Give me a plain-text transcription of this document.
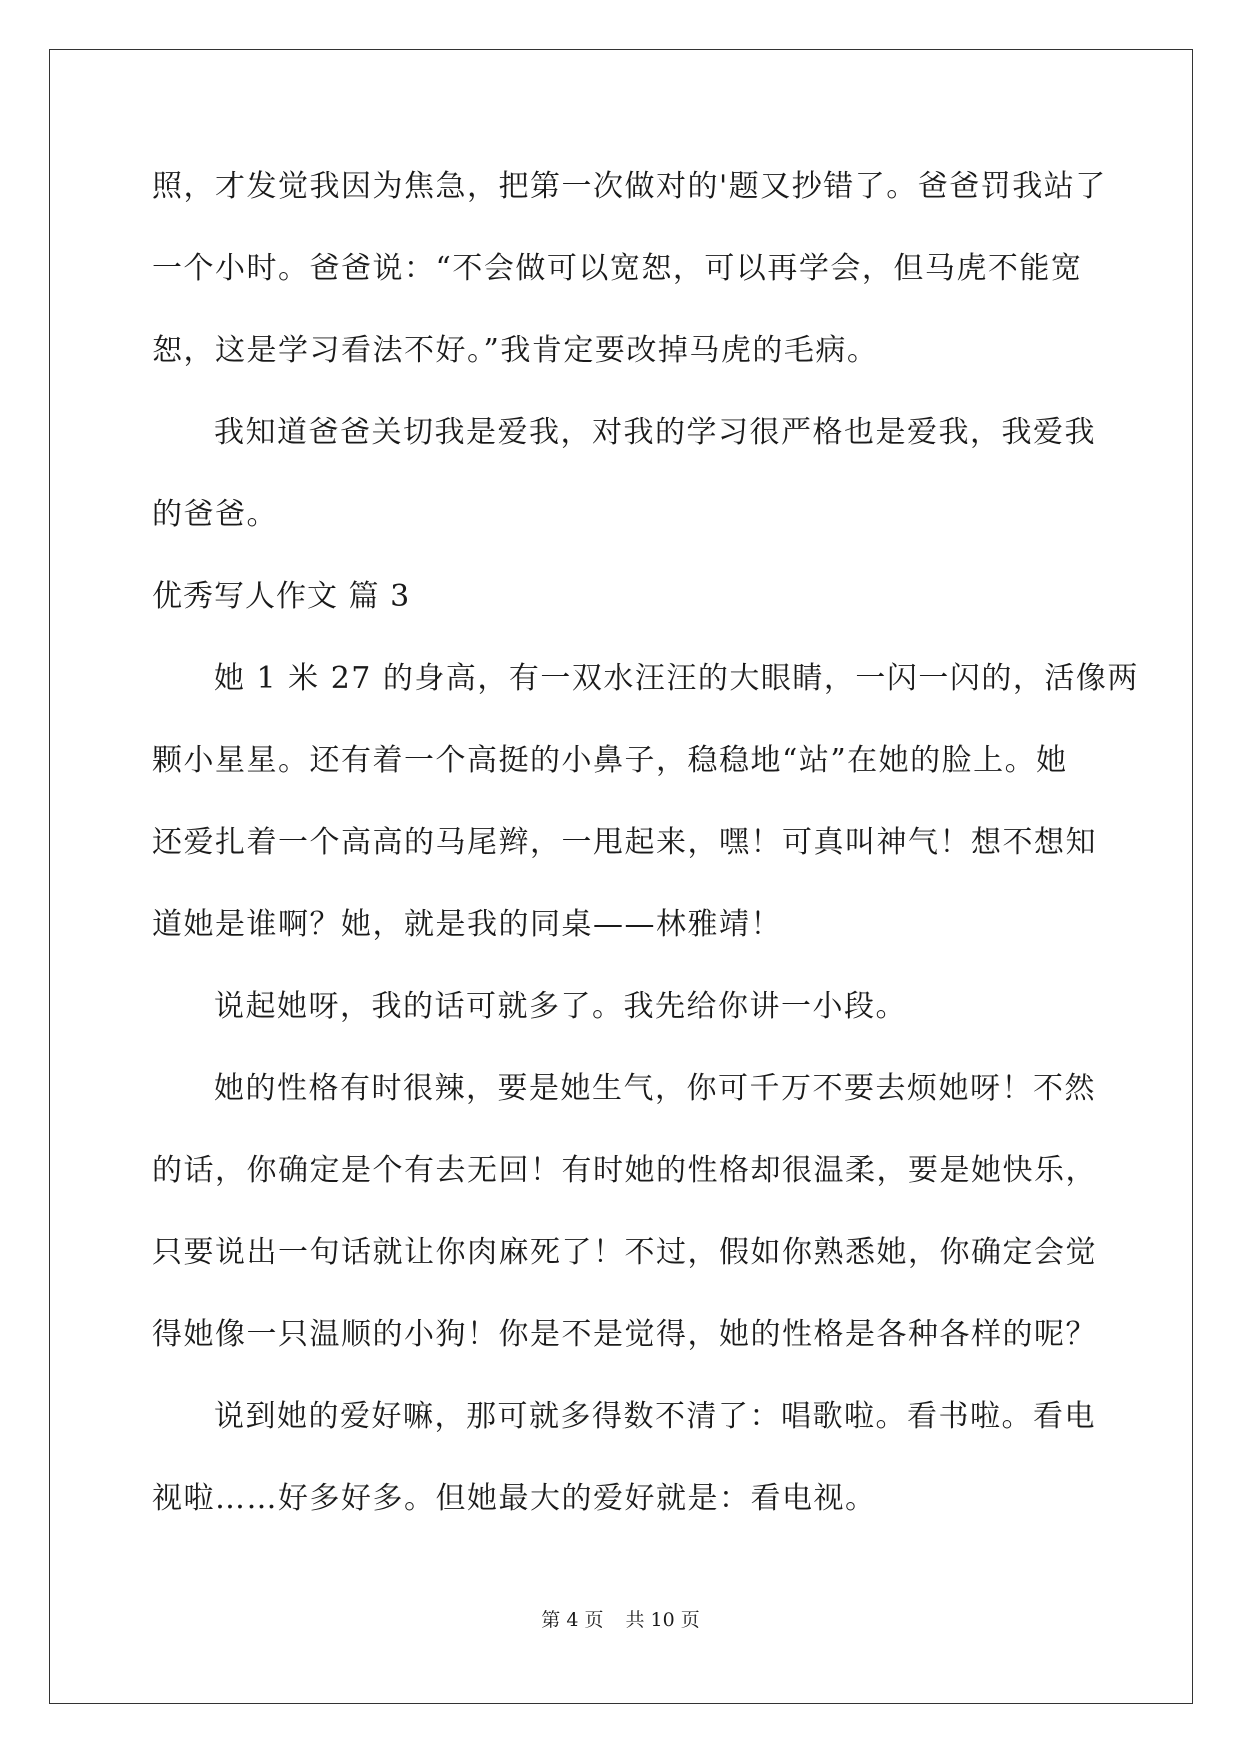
照，才发觉我因为焦急，把第一次做对的'题又抄错了。爸爸罚我站了
一个小时。爸爸说：“不会做可以宽恕，可以再学会，但马虎不能宽
恕，这是学习看法不好。”我肯定要改掉马虎的毛病。
我知道爸爸关切我是爱我，对我的学习很严格也是爱我，我爱我
的爸爸。
优秀写人作文 篇 3
她 1 米 27 的身高，有一双水汪汪的大眼睛，一闪一闪的，活像两
颗小星星。还有着一个高挺的小鼻子，稳稳地“站”在她的脸上。她
还爱扎着一个高高的马尾辫，一甩起来，嘿！可真叫神气！想不想知
道她是谁啊？她，就是我的同桌——林雅靖！
说起她呀，我的话可就多了。我先给你讲一小段。
她的性格有时很辣，要是她生气，你可千万不要去烦她呀！不然
的话，你确定是个有去无回！有时她的性格却很温柔，要是她快乐，
只要说出一句话就让你肉麻死了！不过，假如你熟悉她，你确定会觉
得她像一只温顺的小狗！你是不是觉得，她的性格是各种各样的呢？
说到她的爱好嘛，那可就多得数不清了：唱歌啦。看书啦。看电
视啦……好多好多。但她最大的爱好就是：看电视。
第 4 页 共 10 页
